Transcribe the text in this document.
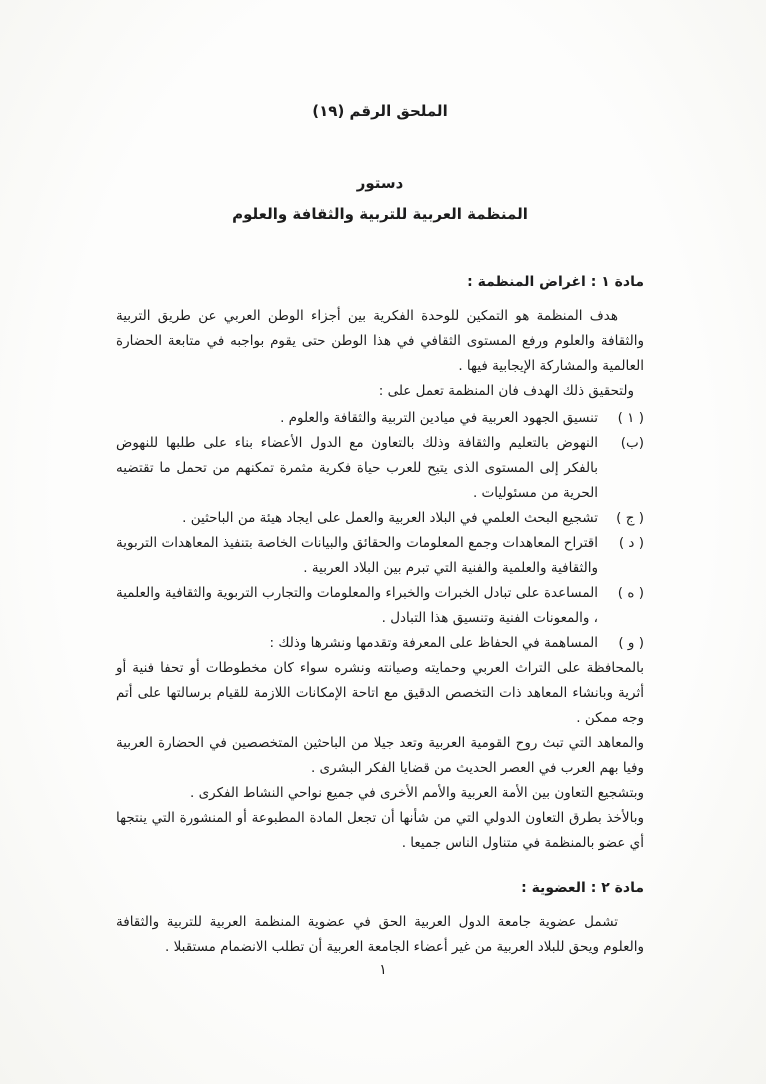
الملحق الرقم (١٩)
دستور
المنظمة العربية للتربية والثقافة والعلوم
مادة ١ : اغراض المنظمة :

هدف المنظمة هو التمكين للوحدة الفكرية بين أجزاء الوطن العربي عن طريق التربية والثقافة والعلوم ورفع المستوى الثقافي في هذا الوطن حتى يقوم بواجبه في متابعة الحضارة العالمية والمشاركة الإيجابية فيها .

ولتحقيق ذلك الهدف فان المنظمة تعمل على :

( ١ )
تنسيق الجهود العربية في ميادين التربية والثقافة والعلوم .
(ب)
النهوض بالتعليم والثقافة وذلك بالتعاون مع الدول الأعضاء بناء على طلبها للنهوض بالفكر إلى المستوى الذى يتيح للعرب حياة فكرية مثمرة تمكنهم من تحمل ما تقتضيه الحرية من مسئوليات .
( ج )
تشجيع البحث العلمي في البلاد العربية والعمل على ايجاد هيئة من الباحثين .
( د )
اقتراح المعاهدات وجمع المعلومات والحقائق والبيانات الخاصة بتنفيذ المعاهدات التربوية والثقافية والعلمية والفنية التي تبرم بين البلاد العربية .
( ه )
المساعدة على تبادل الخبرات والخبراء والمعلومات والتجارب التربوية والثقافية والعلمية ، والمعونات الفنية وتنسيق هذا التبادل .
( و )
المساهمة في الحفاظ على المعرفة وتقدمها ونشرها وذلك :

بالمحافظة على التراث العربي وحمايته وصيانته ونشره سواء كان مخطوطات أو تحفا فنية أو أثرية وبانشاء المعاهد ذات التخصص الدقيق مع اتاحة الإمكانات اللازمة للقيام برسالتها على أتم وجه ممكن .

والمعاهد التي تبث روح القومية العربية وتعد جيلا من الباحثين المتخصصين في الحضارة العربية وفيا بهم العرب في العصر الحديث من قضايا الفكر البشرى .

وبتشجيع التعاون بين الأمة العربية والأمم الأخرى في جميع نواحي النشاط الفكرى .

وبالأخذ بطرق التعاون الدولي التي من شأنها أن تجعل المادة المطبوعة أو المنشورة التي ينتجها أي عضو بالمنظمة في متناول الناس جميعا .

مادة ٢ : العضوية :

تشمل عضوية جامعة الدول العربية الحق في عضوية المنظمة العربية للتربية والثقافة والعلوم ويحق للبلاد العربية من غير أعضاء الجامعة العربية أن تطلب الانضمام مستقبلا .

١
